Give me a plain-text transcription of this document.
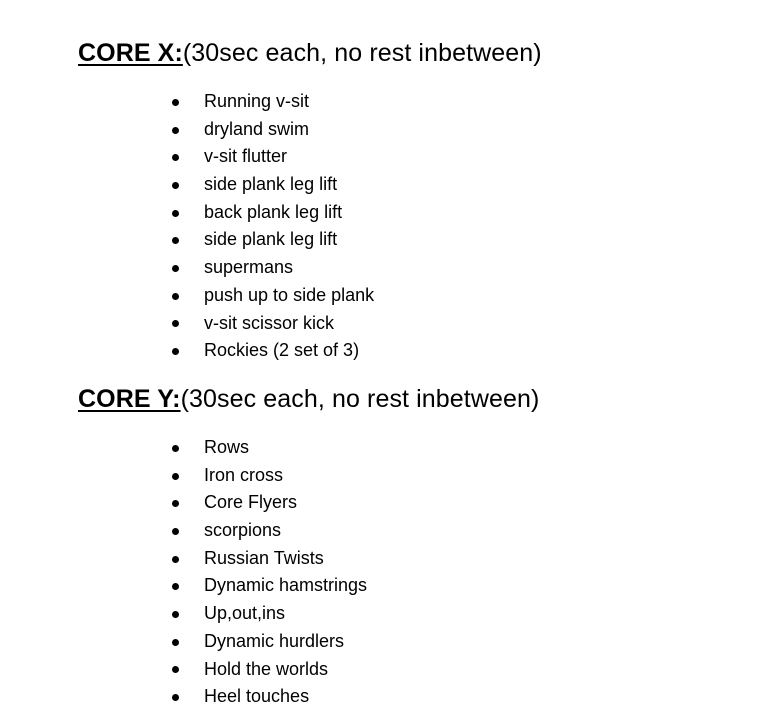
CORE X:(30sec each, no rest inbetween)
Running v-sit
dryland swim
v-sit flutter
side plank leg lift
back plank leg lift
side plank leg lift
supermans
push up to side plank
v-sit scissor kick
Rockies (2 set of 3)
CORE Y:(30sec each, no rest inbetween)
Rows
Iron cross
Core Flyers
scorpions
Russian Twists
Dynamic hamstrings
Up,out,ins
Dynamic hurdlers
Hold the worlds
Heel touches
